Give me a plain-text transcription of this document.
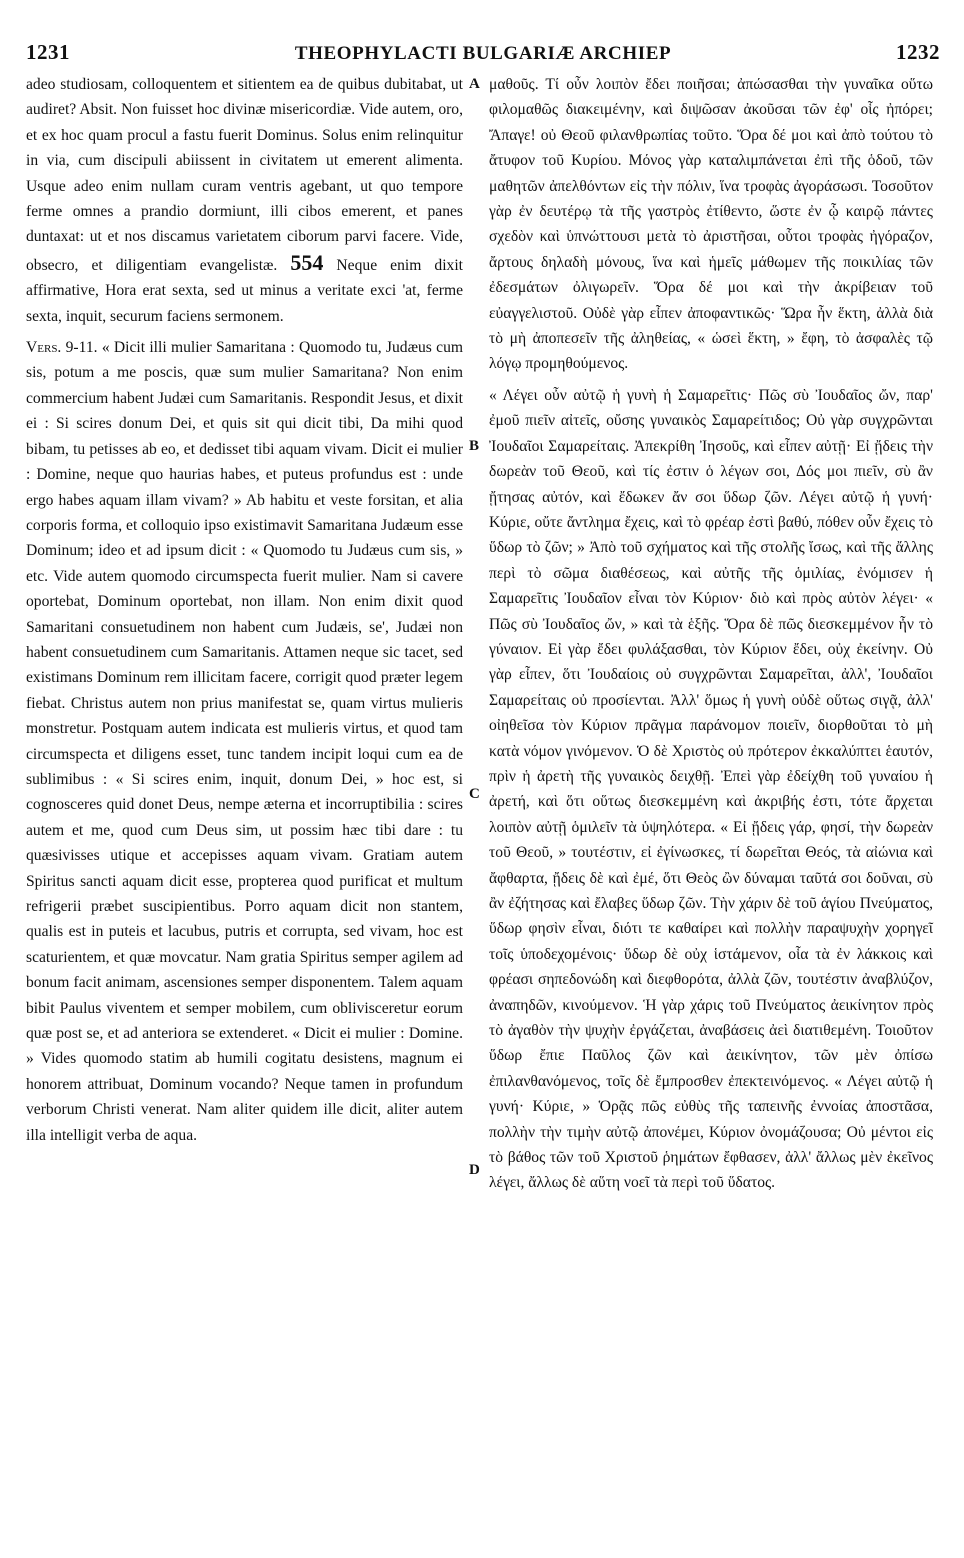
1231	THEOPHYLACTI BULGARIÆ ARCHIEP	1232
A
B
C
D

adeo studiosam, colloquentem et sitientem ea de quibus dubitabat, ut audiret? Absit. Non fuisset hoc divinæ misericordiæ. Vide autem, oro, et ex hoc quam procul a fastu fuerit Dominus. Solus enim relinquitur in via, cum discipuli abiissent in civitatem ut emerent alimenta. Usque adeo enim nullam curam ventris agebant, ut quo tempore ferme omnes a prandio dormiunt, illi cibos emerent, et panes duntaxat: ut et nos discamus varietatem ciborum parvi facere. Vide, obsecro, et diligentiam evangelistæ. 554 Neque enim dixit affirmative, Hora erat sexta, sed ut minus a veritate exci 'at, ferme sexta, inquit, securum faciens sermonem.

Vers. 9-11. « Dicit illi mulier Samaritana : Quomodo tu, Judæus cum sis, potum a me poscis, quæ sum mulier Samaritana? Non enim commercium habent Judæi cum Samaritanis. Respondit Jesus, et dixit ei : Si scires donum Dei, et quis sit qui dicit tibi, Da mihi quod bibam, tu petisses ab eo, et dedisset tibi aquam vivam. Dicit ei mulier : Domine, neque quo haurias habes, et puteus profundus est : unde ergo habes aquam illam vivam? » Ab habitu et veste forsitan, et alia corporis forma, et colloquio ipso existimavit Samaritana Judæum esse Dominum; ideo et ad ipsum dicit : « Quomodo tu Judæus cum sis, » etc. Vide autem quomodo circumspecta fuerit mulier. Nam si cavere oportebat, Dominum oportebat, non illam. Non enim dixit quod Samaritani consuetudinem non habent cum Judæis, se', Judæi non habent consuetudinem cum Samaritanis. Attamen neque sic tacet, sed existimans Dominum rem illicitam facere, corrigit quod præter legem fiebat. Christus autem non prius manifestat se, quam virtus mulieris monstretur. Postquam autem indicata est mulieris virtus, et quod tam circumspecta et diligens esset, tunc tandem incipit loqui cum ea de sublimibus : « Si scires enim, inquit, donum Dei, » hoc est, si cognosceres quid donet Deus, nempe æterna et incorruptibilia : scires autem et me, quod cum Deus sim, ut possim hæc tibi dare : tu quæsivisses utique et accepisses aquam vivam. Gratiam autem Spiritus sancti aquam dicit esse, propterea quod purificat et multum refrigerii præbet suscipientibus. Porro aquam dicit non stantem, qualis est in puteis et lacubus, putris et corrupta, sed vivam, hoc est scaturientem, et quæ movcatur. Nam gratia Spiritus semper agilem ad bonum facit animam, ascensiones semper disponentem. Talem aquam bibit Paulus viventem et semper mobilem, cum oblivisceretur eorum quæ post se, et ad anteriora se extenderet. « Dicit ei mulier : Domine. » Vides quomodo statim ab humili cogitatu desistens, magnum ei honorem attribuat, Dominum vocando? Neque tamen in profundum verborum Christi venerat. Nam aliter quidem ille dicit, aliter autem illa intelligit verba de aqua.

μαθοῦς. Τί οὖν λοιπὸν ἔδει ποιῆσαι; ἀπώσασθαι τὴν γυναῖκα οὕτω φιλομαθῶς διακειμένην, καὶ διψῶσαν ἀκοῦσαι τῶν ἐφ' οἷς ἠπόρει; Ἄπαγε! οὐ Θεοῦ φιλανθρωπίας τοῦτο. Ὅρα δέ μοι καὶ ἀπὸ τούτου τὸ ἄτυφον τοῦ Κυρίου. Μόνος γὰρ καταλιμπάνεται ἐπὶ τῆς ὁδοῦ, τῶν μαθητῶν ἀπελθόντων εἰς τὴν πόλιν, ἵνα τροφὰς ἀγοράσωσι. Τοσοῦτον γὰρ ἐν δευτέρῳ τὰ τῆς γαστρὸς ἐτίθεντο, ὥστε ἐν ᾧ καιρῷ πάντες σχεδὸν καὶ ὑπνώττουσι μετὰ τὸ ἀριστῆσαι, οὗτοι τροφὰς ἠγόραζον, ἄρτους δηλαδὴ μόνους, ἵνα καὶ ἡμεῖς μάθωμεν τῆς ποικιλίας τῶν ἐδεσμάτων ὀλιγωρεῖν. Ὅρα δέ μοι καὶ τὴν ἀκρίβειαν τοῦ εὐαγγελιστοῦ. Οὐδὲ γὰρ εἶπεν ἀποφαντικῶς· Ὥρα ἦν ἕκτη, ἀλλὰ διὰ τὸ μὴ ἀποπεσεῖν τῆς ἀληθείας, « ὡσεὶ ἕκτη, » ἔφη, τὸ ἀσφαλὲς τῷ λόγῳ προμηθούμενος.

« Λέγει οὖν αὐτῷ ἡ γυνὴ ἡ Σαμαρεῖτις· Πῶς σὺ Ἰουδαῖος ὤν, παρ' ἐμοῦ πιεῖν αἰτεῖς, οὔσης γυναικὸς Σαμαρείτιδος; Οὐ γὰρ συγχρῶνται Ἰουδαῖοι Σαμαρείταις. Ἀπεκρίθη Ἰησοῦς, καὶ εἶπεν αὐτῇ· Εἰ ᾔδεις τὴν δωρεὰν τοῦ Θεοῦ, καὶ τίς ἐστιν ὁ λέγων σοι, Δός μοι πιεῖν, σὺ ἂν ᾔτησας αὐτόν, καὶ ἔδωκεν ἄν σοι ὕδωρ ζῶν. Λέγει αὐτῷ ἡ γυνή· Κύριε, οὔτε ἄντλημα ἔχεις, καὶ τὸ φρέαρ ἐστὶ βαθύ, πόθεν οὖν ἔχεις τὸ ὕδωρ τὸ ζῶν; » Ἀπὸ τοῦ σχήματος καὶ τῆς στολῆς ἴσως, καὶ τῆς ἄλλης περὶ τὸ σῶμα διαθέσεως, καὶ αὐτῆς τῆς ὁμιλίας, ἐνόμισεν ἡ Σαμαρεῖτις Ἰουδαῖον εἶναι τὸν Κύριον· διὸ καὶ πρὸς αὐτὸν λέγει· « Πῶς σὺ Ἰουδαῖος ὤν, » καὶ τὰ ἑξῆς. Ὅρα δὲ πῶς διεσκεμμένον ἦν τὸ γύναιον. Εἰ γὰρ ἔδει φυλάξασθαι, τὸν Κύριον ἔδει, οὐχ ἐκείνην. Οὐ γὰρ εἶπεν, ὅτι Ἰουδαίοις οὐ συγχρῶνται Σαμαρεῖται, ἀλλ', Ἰουδαῖοι Σαμαρείταις οὐ προσίενται. Ἀλλ' ὅμως ἡ γυνὴ οὐδὲ οὕτως σιγᾷ, ἀλλ' οἰηθεῖσα τὸν Κύριον πρᾶγμα παράνομον ποιεῖν, διορθοῦται τὸ μὴ κατὰ νόμον γινόμενον. Ὁ δὲ Χριστὸς οὐ πρότερον ἐκκαλύπτει ἑαυτόν, πρὶν ἡ ἀρετὴ τῆς γυναικὸς δειχθῇ. Ἐπεὶ γὰρ ἐδείχθη τοῦ γυναίου ἡ ἀρετή, καὶ ὅτι οὕτως διεσκεμμένη καὶ ἀκριβής ἐστι, τότε ἄρχεται λοιπὸν αὐτῇ ὁμιλεῖν τὰ ὑψηλότερα. « Εἰ ᾔδεις γάρ, φησί, τὴν δωρεὰν τοῦ Θεοῦ, » τουτέστιν, εἰ ἐγίνωσκες, τί δωρεῖται Θεός, τὰ αἰώνια καὶ ἄφθαρτα, ᾔδεις δὲ καὶ ἐμέ, ὅτι Θεὸς ὢν δύναμαι ταῦτά σοι δοῦναι, σὺ ἂν ἐζήτησας καὶ ἔλαβες ὕδωρ ζῶν. Τὴν χάριν δὲ τοῦ ἁγίου Πνεύματος, ὕδωρ φησὶν εἶναι, διότι τε καθαίρει καὶ πολλὴν παραψυχὴν χορηγεῖ τοῖς ὑποδεχομένοις· ὕδωρ δὲ οὐχ ἱστάμενον, οἷα τὰ ἐν λάκκοις καὶ φρέασι σηπεδονώδη καὶ διεφθορότα, ἀλλὰ ζῶν, τουτέστιν ἀναβλύζον, ἀναπηδῶν, κινούμενον. Ἡ γὰρ χάρις τοῦ Πνεύματος ἀεικίνητον πρὸς τὸ ἀγαθὸν τὴν ψυχὴν ἐργάζεται, ἀναβάσεις ἀεὶ διατιθεμένη. Τοιοῦτον ὕδωρ ἔπιε Παῦλος ζῶν καὶ ἀεικίνητον, τῶν μὲν ὀπίσω ἐπιλανθανόμενος, τοῖς δὲ ἔμπροσθεν ἐπεκτεινόμενος. « Λέγει αὐτῷ ἡ γυνή· Κύριε, » Ὁρᾷς πῶς εὐθὺς τῆς ταπεινῆς ἐννοίας ἀποστᾶσα, πολλὴν τὴν τιμὴν αὐτῷ ἀπονέμει, Κύριον ὀνομάζουσα; Οὐ μέντοι εἰς τὸ βάθος τῶν τοῦ Χριστοῦ ῥημάτων ἔφθασεν, ἀλλ' ἄλλως μὲν ἐκεῖνος λέγει, ἄλλως δὲ αὕτη νοεῖ τὰ περὶ τοῦ ὕδατος.
